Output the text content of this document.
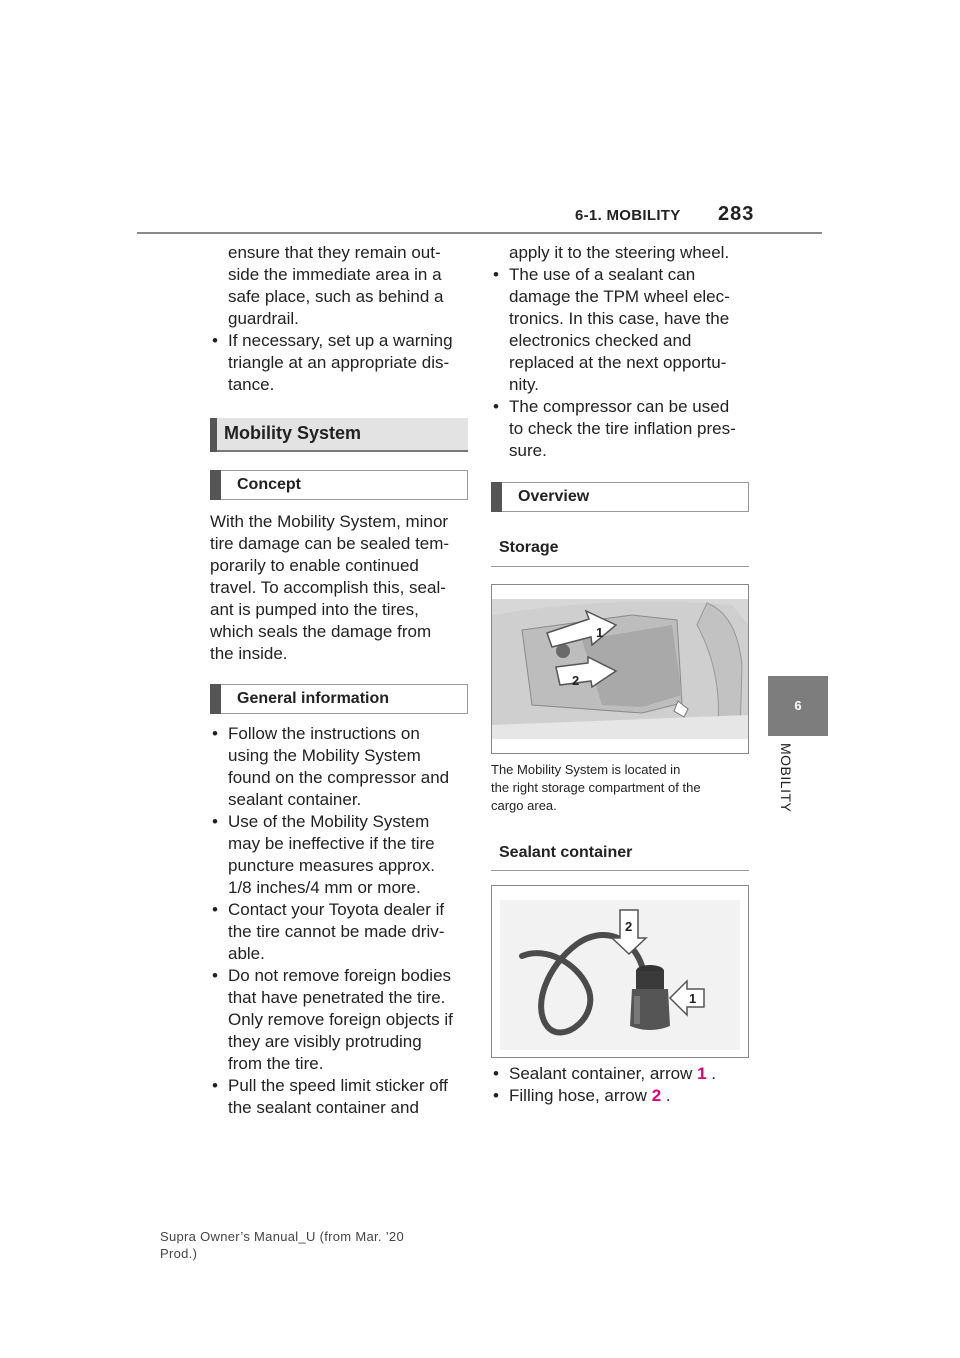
6-1. MOBILITY 283
6
MOBILITY
ensure that they remain out-
side the immediate area in a
safe place, such as behind a
guardrail.
• If necessary, set up a warning
triangle at an appropriate dis-
tance.
Mobility System
Concept
With the Mobility System, minor
tire damage can be sealed tem-
porarily to enable continued
travel. To accomplish this, seal-
ant is pumped into the tires,
which seals the damage from
the inside.
General information
• Follow the instructions on
using the Mobility System
found on the compressor and
sealant container.
• Use of the Mobility System
may be ineffective if the tire
puncture measures approx.
1/8 inches/4 mm or more.
• Contact your Toyota dealer if
the tire cannot be made driv-
able.
• Do not remove foreign bodies
that have penetrated the tire.
Only remove foreign objects if
they are visibly protruding
from the tire.
• Pull the speed limit sticker off
the sealant container and
apply it to the steering wheel.
• The use of a sealant can
damage the TPM wheel elec-
tronics. In this case, have the
electronics checked and
replaced at the next opportu-
nity.
• The compressor can be used
to check the tire inflation pres-
sure.
Overview
Storage
1
2
The Mobility System is located in
the right storage compartment of the
cargo area.
Sealant container
2
1
• Sealant container, arrow 1 .
• Filling hose, arrow 2 .
Supra Owner’s Manual_U (from Mar. ’20
Prod.)
